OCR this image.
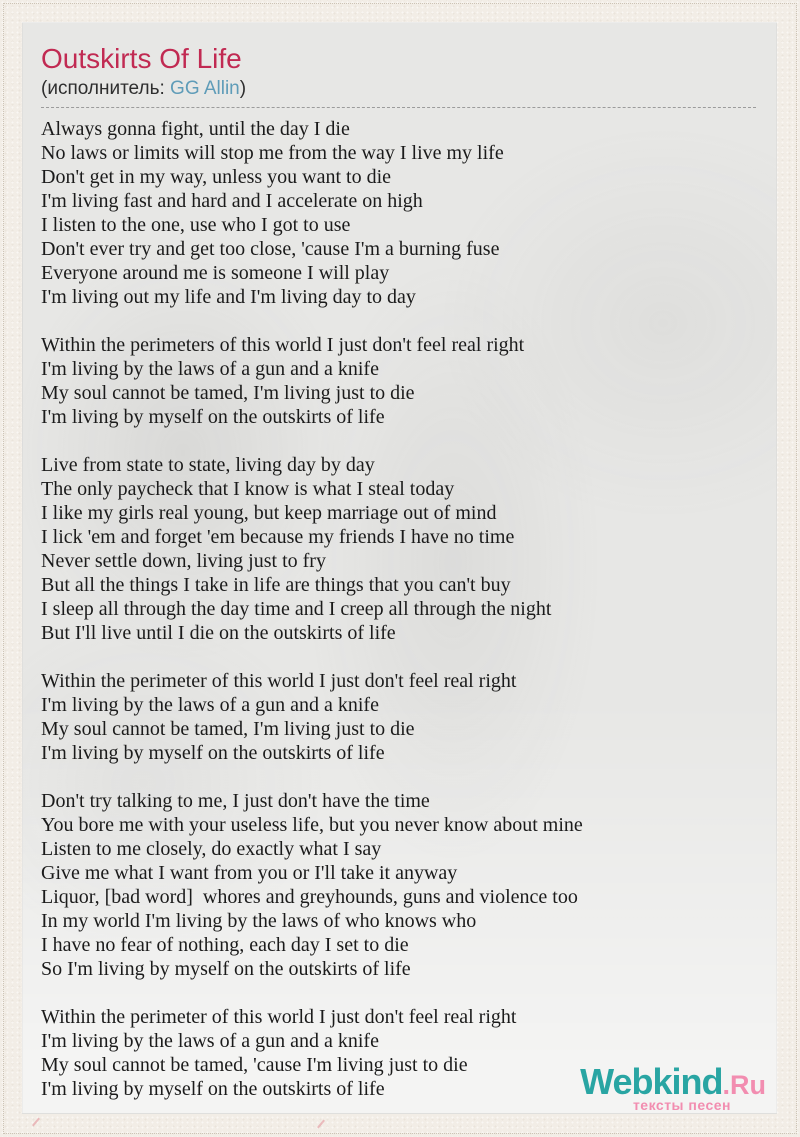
Outskirts Of Life
(исполнитель: GG Allin)
Always gonna fight, until the day I die
No laws or limits will stop me from the way I live my life
Don't get in my way, unless you want to die
I'm living fast and hard and I accelerate on high
I listen to the one, use who I got to use
Don't ever try and get too close, 'cause I'm a burning fuse
Everyone around me is someone I will play
I'm living out my life and I'm living day to day
Within the perimeters of this world I just don't feel real right
I'm living by the laws of a gun and a knife
My soul cannot be tamed, I'm living just to die
I'm living by myself on the outskirts of life
Live from state to state, living day by day
The only paycheck that I know is what I steal today
I like my girls real young, but keep marriage out of mind
I lick 'em and forget 'em because my friends I have no time
Never settle down, living just to fry
But all the things I take in life are things that you can't buy
I sleep all through the day time and I creep all through the night
But I'll live until I die on the outskirts of life
Within the perimeter of this world I just don't feel real right
I'm living by the laws of a gun and a knife
My soul cannot be tamed, I'm living just to die
I'm living by myself on the outskirts of life
Don't try talking to me, I just don't have the time
You bore me with your useless life, but you never know about mine
Listen to me closely, do exactly what I say
Give me what I want from you or I'll take it anyway
Liquor, [bad word]  whores and greyhounds, guns and violence too
In my world I'm living by the laws of who knows who
I have no fear of nothing, each day I set to die
So I'm living by myself on the outskirts of life
Within the perimeter of this world I just don't feel real right
I'm living by the laws of a gun and a knife
My soul cannot be tamed, 'cause I'm living just to die
I'm living by myself on the outskirts of life	Webkind.Ru
тексты песен
